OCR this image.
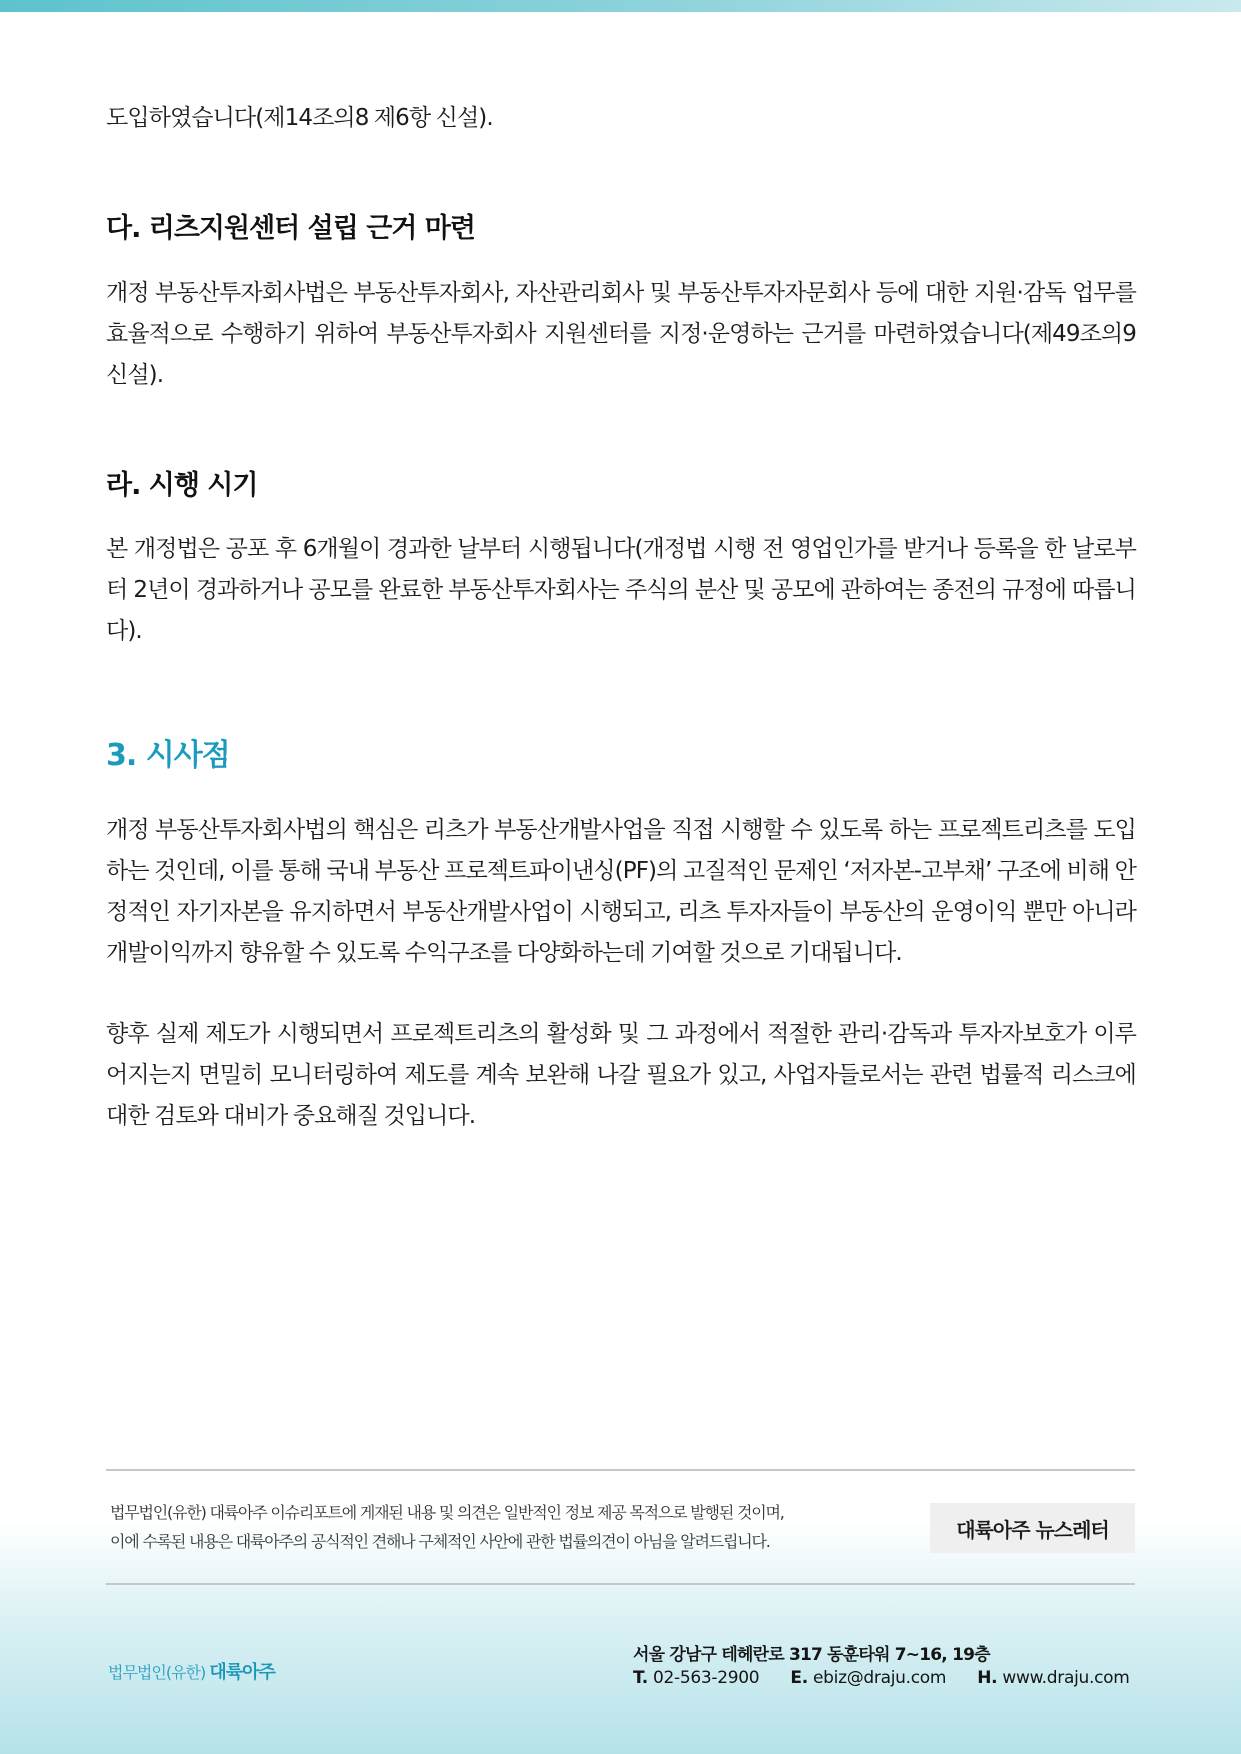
도입하였습니다(제14조의8 제6항 신설).

다. 리츠지원센터 설립 근거 마련

개정 부동산투자회사법은 부동산투자회사, 자산관리회사 및 부동산투자자문회사 등에 대한 지원·감독 업무를 효율적으로 수행하기 위하여 부동산투자회사 지원센터를 지정·운영하는 근거를 마련하였습니다(제49조의9 신설).

라. 시행 시기

본 개정법은 공포 후 6개월이 경과한 날부터 시행됩니다(개정법 시행 전 영업인가를 받거나 등록을 한 날로부터 2년이 경과하거나 공모를 완료한 부동산투자회사는 주식의 분산 및 공모에 관하여는 종전의 규정에 따릅니다).

3. 시사점

개정 부동산투자회사법의 핵심은 리츠가 부동산개발사업을 직접 시행할 수 있도록 하는 프로젝트리츠를 도입하는 것인데, 이를 통해 국내 부동산 프로젝트파이낸싱(PF)의 고질적인 문제인 ‘저자본-고부채’ 구조에 비해 안정적인 자기자본을 유지하면서 부동산개발사업이 시행되고, 리츠 투자자들이 부동산의 운영이익 뿐만 아니라 개발이익까지 향유할 수 있도록 수익구조를 다양화하는데 기여할 것으로 기대됩니다.

향후 실제 제도가 시행되면서 프로젝트리츠의 활성화 및 그 과정에서 적절한 관리·감독과 투자자보호가 이루어지는지 면밀히 모니터링하여 제도를 계속 보완해 나갈 필요가 있고, 사업자들로서는 관련 법률적 리스크에 대한 검토와 대비가 중요해질 것입니다.

법무법인(유한) 대륙아주 이슈리포트에 게재된 내용 및 의견은 일반적인 정보 제공 목적으로 발행된 것이며,
이에 수록된 내용은 대륙아주의 공식적인 견해나 구체적인 사안에 관한 법률의견이 아님을 알려드립니다.	대륙아주 뉴스레터
법무법인(유한) 대륙아주
서울 강남구 테헤란로 317 동훈타워 7~16, 19층
T. 02-563-2900 E. ebiz@draju.com H. www.draju.com
